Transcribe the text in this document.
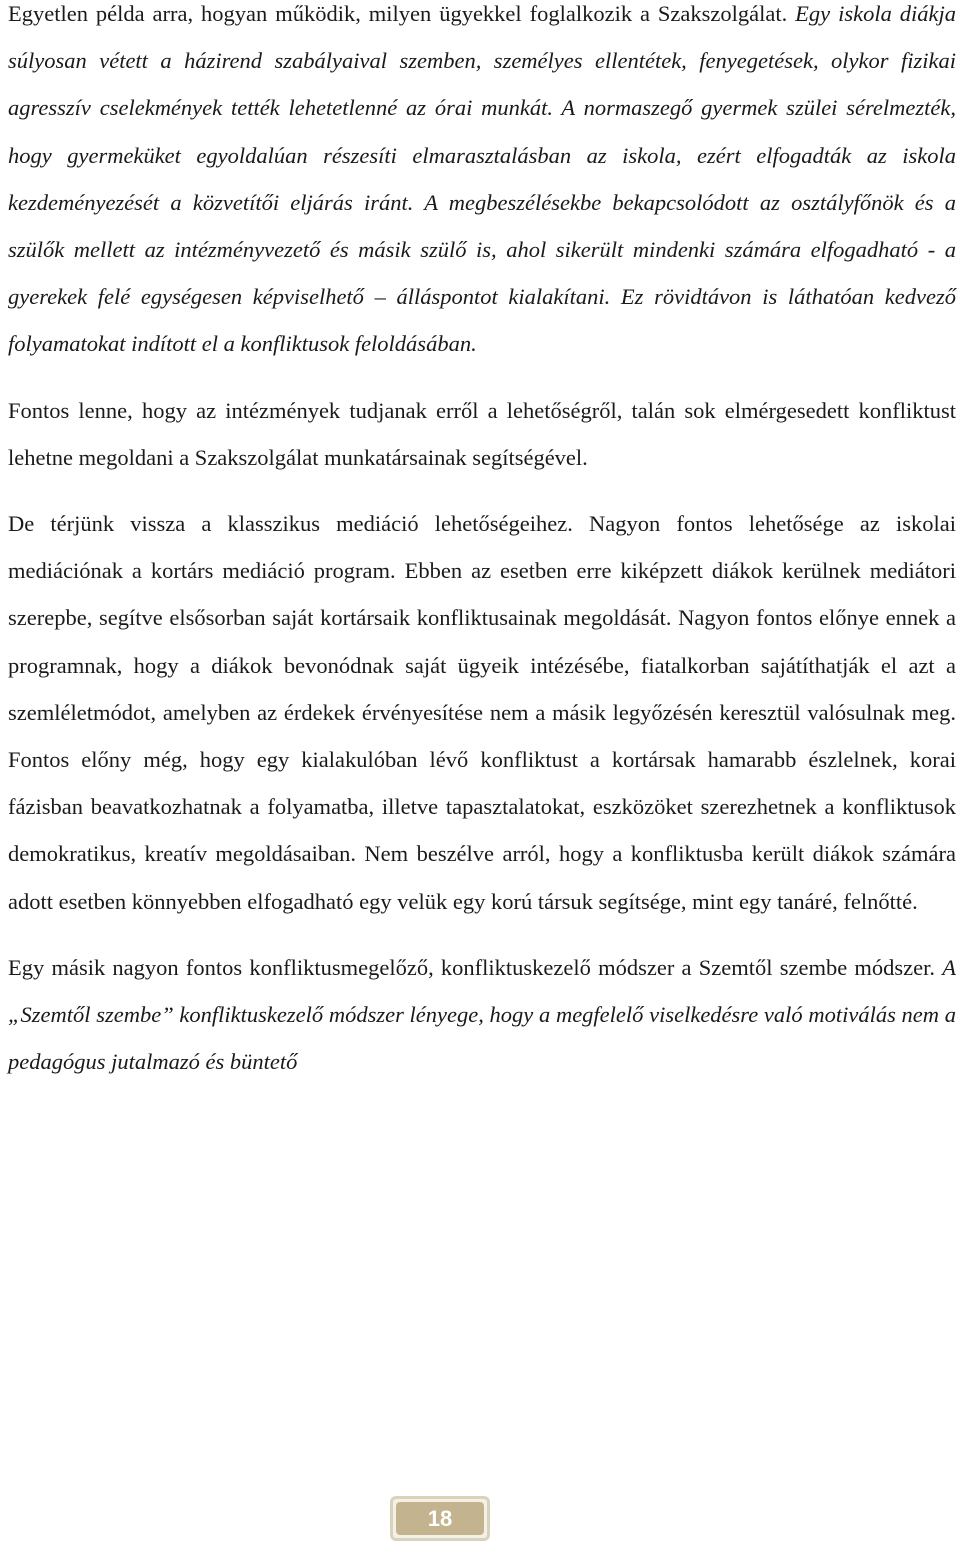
Egyetlen példa arra, hogyan működik, milyen ügyekkel foglalkozik a Szakszolgálat. Egy iskola diákja súlyosan vétett a házirend szabályaival szemben, személyes ellentétek, fenyegetések, olykor fizikai agresszív cselekmények tették lehetetlenné az órai munkát. A normaszegő gyermek szülei sérelmezték, hogy gyermeküket egyoldalúan részesíti elmarasztalásban az iskola, ezért elfogadták az iskola kezdeményezését a közvetítői eljárás iránt. A megbeszélésekbe bekapcsolódott az osztályfőnök és a szülők mellett az intézményvezető és másik szülő is, ahol sikerült mindenki számára elfogadható - a gyerekek felé egységesen képviselhető – álláspontot kialakítani. Ez rövidtávon is láthatóan kedvező folyamatokat indított el a konfliktusok feloldásában.

Fontos lenne, hogy az intézmények tudjanak erről a lehetőségről, talán sok elmérgesedett konfliktust lehetne megoldani a Szakszolgálat munkatársainak segítségével.

De térjünk vissza a klasszikus mediáció lehetőségeihez. Nagyon fontos lehetősége az iskolai mediációnak a kortárs mediáció program. Ebben az esetben erre kiképzett diákok kerülnek mediátori szerepbe, segítve elsősorban saját kortársaik konfliktusainak megoldását. Nagyon fontos előnye ennek a programnak, hogy a diákok bevonódnak saját ügyeik intézésébe, fiatalkorban sajátíthatják el azt a szemléletmódot, amelyben az érdekek érvényesítése nem a másik legyőzésén keresztül valósulnak meg. Fontos előny még, hogy egy kialakulóban lévő konfliktust a kortársak hamarabb észlelnek, korai fázisban beavatkozhatnak a folyamatba, illetve tapasztalatokat, eszközöket szerezhetnek a konfliktusok demokratikus, kreatív megoldásaiban. Nem beszélve arról, hogy a konfliktusba került diákok számára adott esetben könnyebben elfogadható egy velük egy korú társuk segítsége, mint egy tanáré, felnőtté.

Egy másik nagyon fontos konfliktusmegelőző, konfliktuskezelő módszer a Szemtől szembe módszer. A „Szemtől szembe” konfliktuskezelő módszer lényege, hogy a megfelelő viselkedésre való motiválás nem a pedagógus jutalmazó és büntető

18
